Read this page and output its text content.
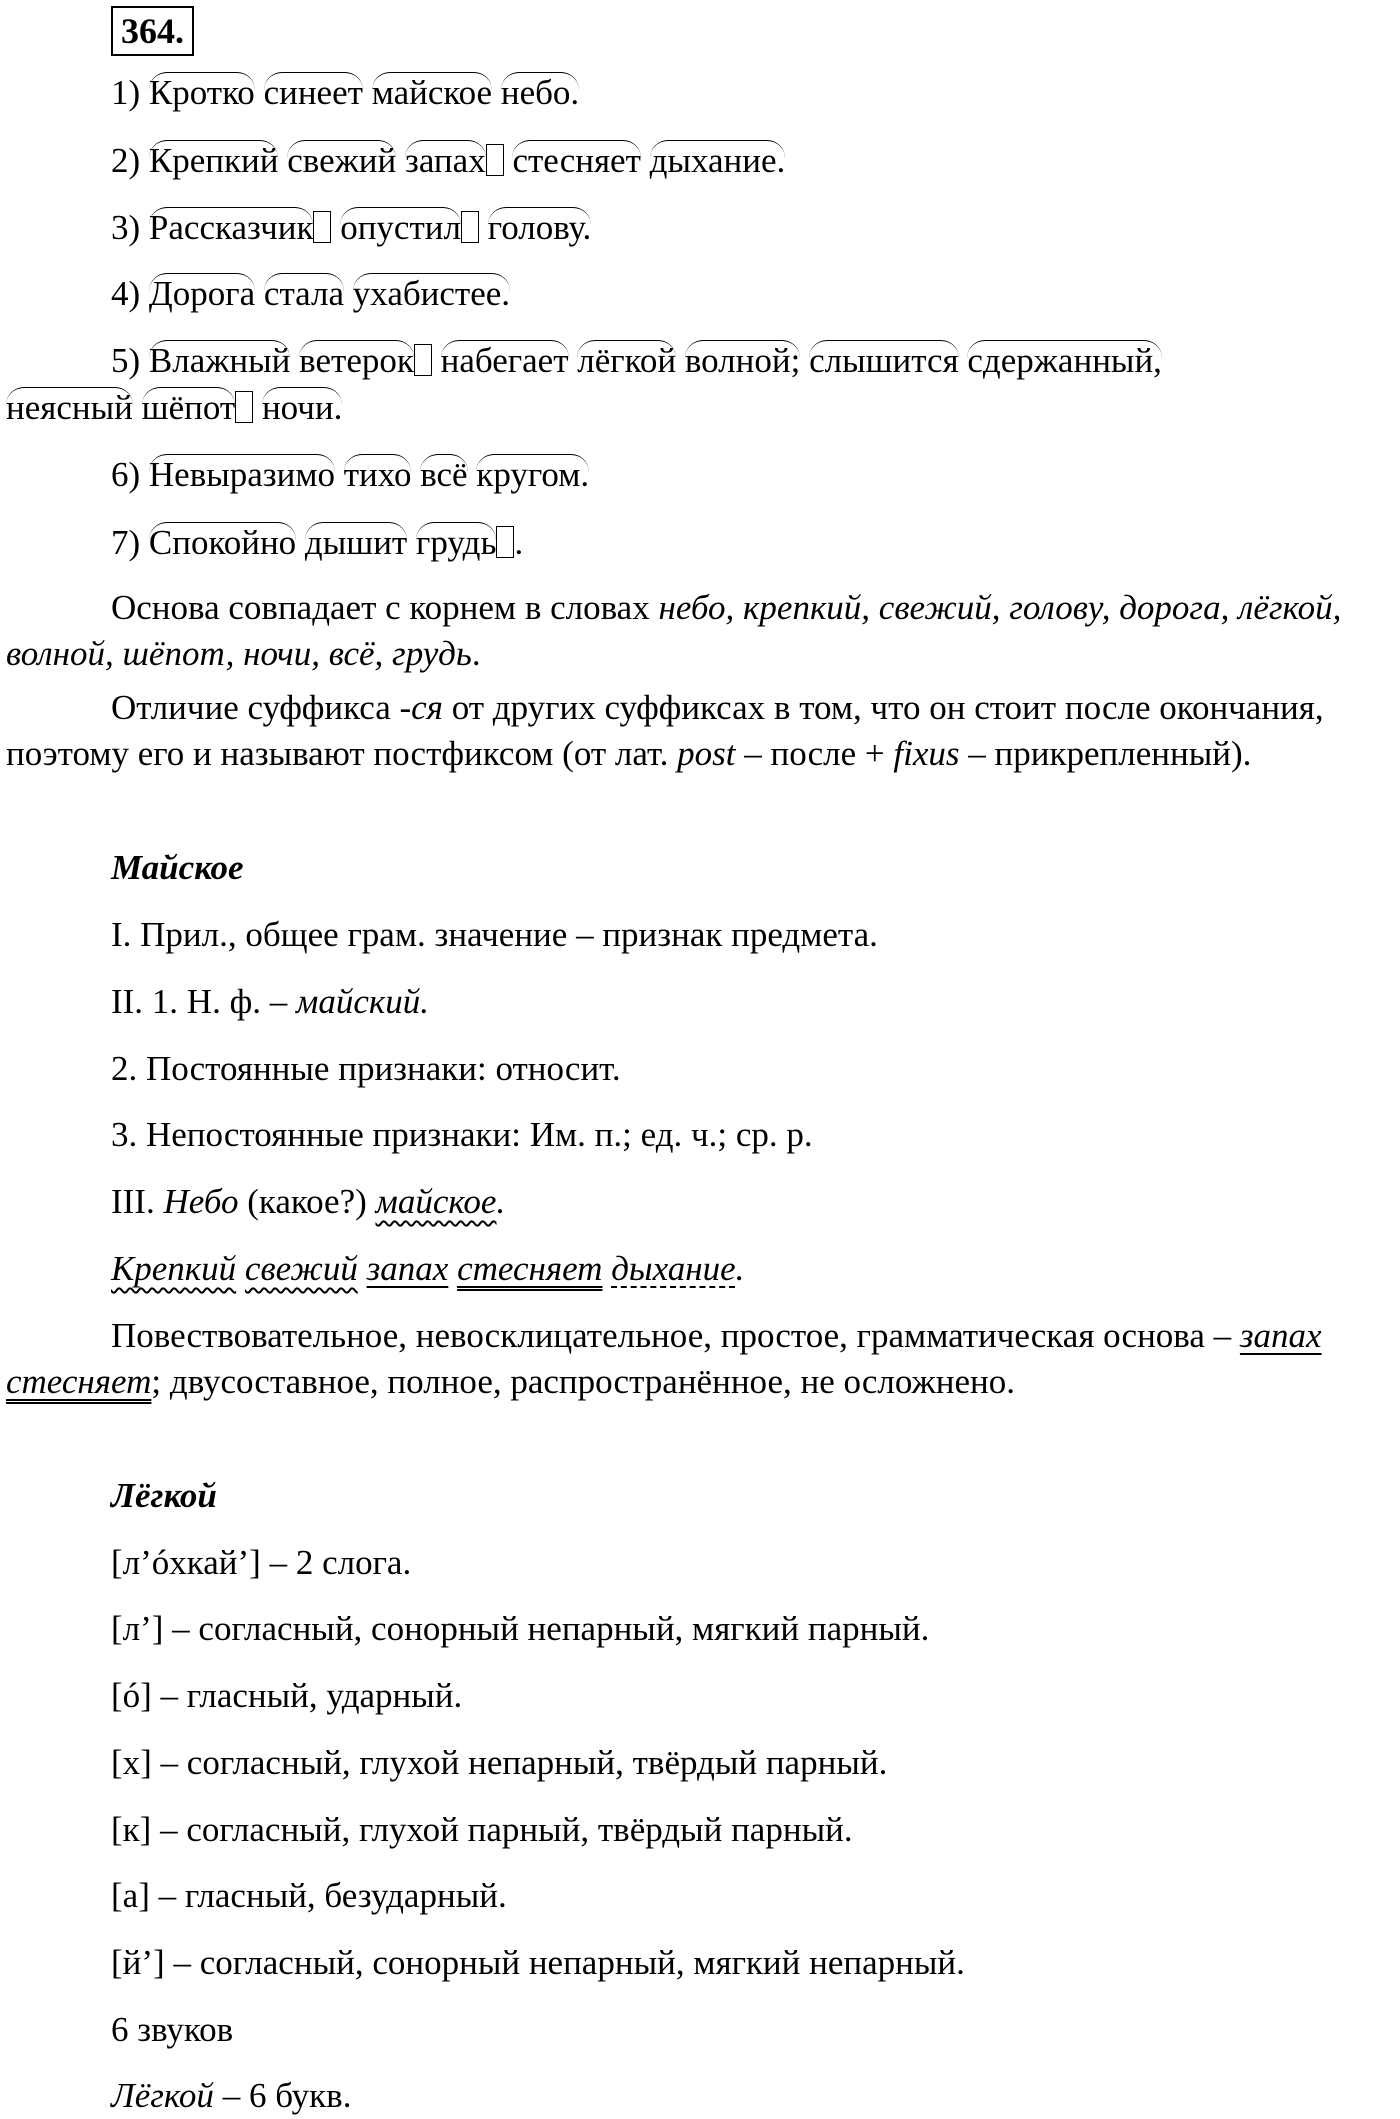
364.
1) Кротко синеет майское небо.
2) Крепкий свежий запах стесняет дыхание.
3) Рассказчик опустил голову.
4) Дорога стала ухабистее.
5) Влажный ветерок набегает лёгкой волной; слышится сдержанный,
неясный шёпот ночи.
6) Невыразимо тихо всё кругом.
7) Спокойно дышит грудь .
Основа совпадает с корнем в словах небо, крепкий, свежий, голову, дорога, лёгкой, волной, шёпот, ночи, всё, грудь.
Отличие суффикса -ся от других суффиксах в том, что он стоит после окончания, поэтому его и называют постфиксом (от лат. post – после + fixus – прикрепленный).
Майское
I. Прил., общее грам. значение – признак предмета.
II. 1. Н. ф. – майский.
2. Постоянные признаки: относит.
3. Непостоянные признаки: Им. п.; ед. ч.; ср. р.
III. Небо (какое?) майское.
Крепкий свежий запах стесняет дыхание.
Повествовательное, невосклицательное, простое, грамматическая основа – запах стесняет; двусоставное, полное, распространённое, не осложнено.
Лёгкой
[л’óхкай’] – 2 слога.
[л’] – согласный, сонорный непарный, мягкий парный.
[ó] – гласный, ударный.
[х] – согласный, глухой непарный, твёрдый парный.
[к] – согласный, глухой парный, твёрдый парный.
[а] – гласный, безударный.
[й’] – согласный, сонорный непарный, мягкий непарный.
6 звуков
Лёгкой – 6 букв.
